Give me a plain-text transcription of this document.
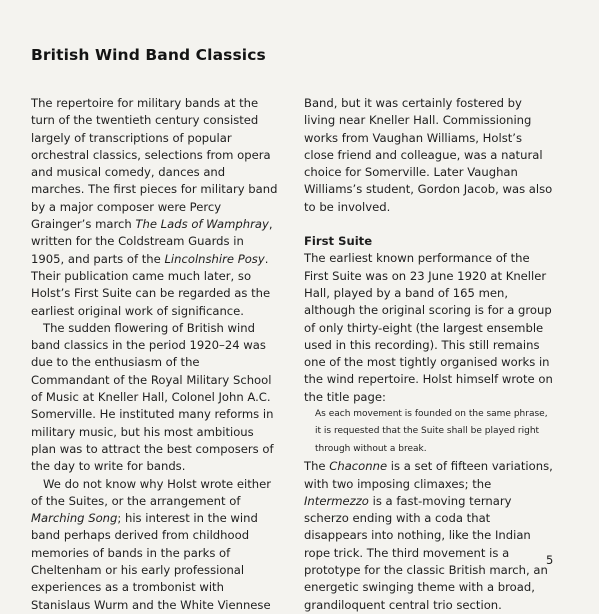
British Wind Band Classics

The repertoire for military bands at the turn of the twentieth century consisted largely of transcriptions of popular orchestral classics, selections from opera and musical comedy, dances and marches. The first pieces for military band by a major composer were Percy Grainger’s march The Lads of Wamphray, written for the Coldstream Guards in 1905, and parts of the Lincolnshire Posy. Their publication came much later, so Holst’s First Suite can be regarded as the earliest original work of significance.

The sudden flowering of British wind band classics in the period 1920–24 was due to the enthusiasm of the Commandant of the Royal Military School of Music at Kneller Hall, Colonel John A.C. Somerville. He instituted many reforms in military music, but his most ambitious plan was to attract the best composers of the day to write for bands.

We do not know why Holst wrote either of the Suites, or the arrangement of Marching Song; his interest in the wind band perhaps derived from childhood memories of bands in the parks of Cheltenham or his early professional experiences as a trombonist with Stanislaus Wurm and the White Viennese

Band, but it was certainly fostered by living near Kneller Hall. Commissioning works from Vaughan Williams, Holst’s close friend and colleague, was a natural choice for Somerville. Later Vaughan Williams’s student, Gordon Jacob, was also to be involved.

First Suite

The earliest known performance of the First Suite was on 23 June 1920 at Kneller Hall, played by a band of 165 men, although the original scoring is for a group of only thirty-eight (the largest ensemble used in this recording). This still remains one of the most tightly organised works in the wind repertoire. Holst himself wrote on the title page:

As each movement is founded on the same phrase, it is requested that the Suite shall be played right through without a break.

The Chaconne is a set of fifteen variations, with two imposing climaxes; the Intermezzo is a fast-moving ternary scherzo ending with a coda that disappears into nothing, like the Indian rope trick. The third movement is a prototype for the classic British march, an energetic swinging theme with a broad, grandiloquent central trio section.

5
